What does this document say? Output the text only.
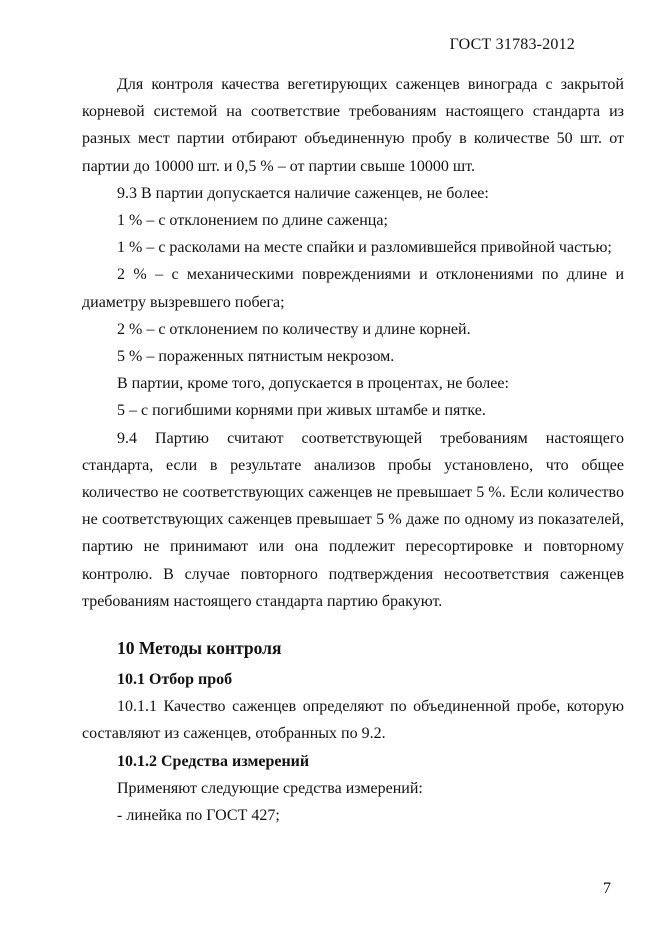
ГОСТ 31783-2012

Для контроля качества вегетирующих саженцев винограда с закрытой корневой системой на соответствие требованиям настоящего стандарта из разных мест партии отбирают объединенную пробу в количестве 50 шт. от партии до 10000 шт. и 0,5 % – от партии свыше 10000 шт.

9.3 В партии допускается наличие саженцев, не более:

1 % – с отклонением по длине саженца;

1 % – с расколами на месте спайки и разломившейся привойной частью;

2 % – с механическими повреждениями и отклонениями по длине и диаметру вызревшего побега;

2 % – с отклонением по количеству и длине корней.

5 % – пораженных пятнистым некрозом.

В партии, кроме того, допускается в процентах, не более:

5 – с погибшими корнями при живых штамбе и пятке.

9.4 Партию считают соответствующей требованиям настоящего стандарта, если в результате анализов пробы установлено, что общее количество не соответствующих саженцев не превышает 5 %. Если количество не соответствующих саженцев превышает 5 % даже по одному из показателей, партию не принимают или она подлежит пересортировке и повторному контролю. В случае повторного подтверждения несоответствия саженцев требованиям настоящего стандарта партию бракуют.

10 Методы контроля
10.1 Отбор проб

10.1.1 Качество саженцев определяют по объединенной пробе, которую составляют из саженцев, отобранных по 9.2.

10.1.2 Средства измерений

Применяют следующие средства измерений:

- линейка по ГОСТ 427;

7
